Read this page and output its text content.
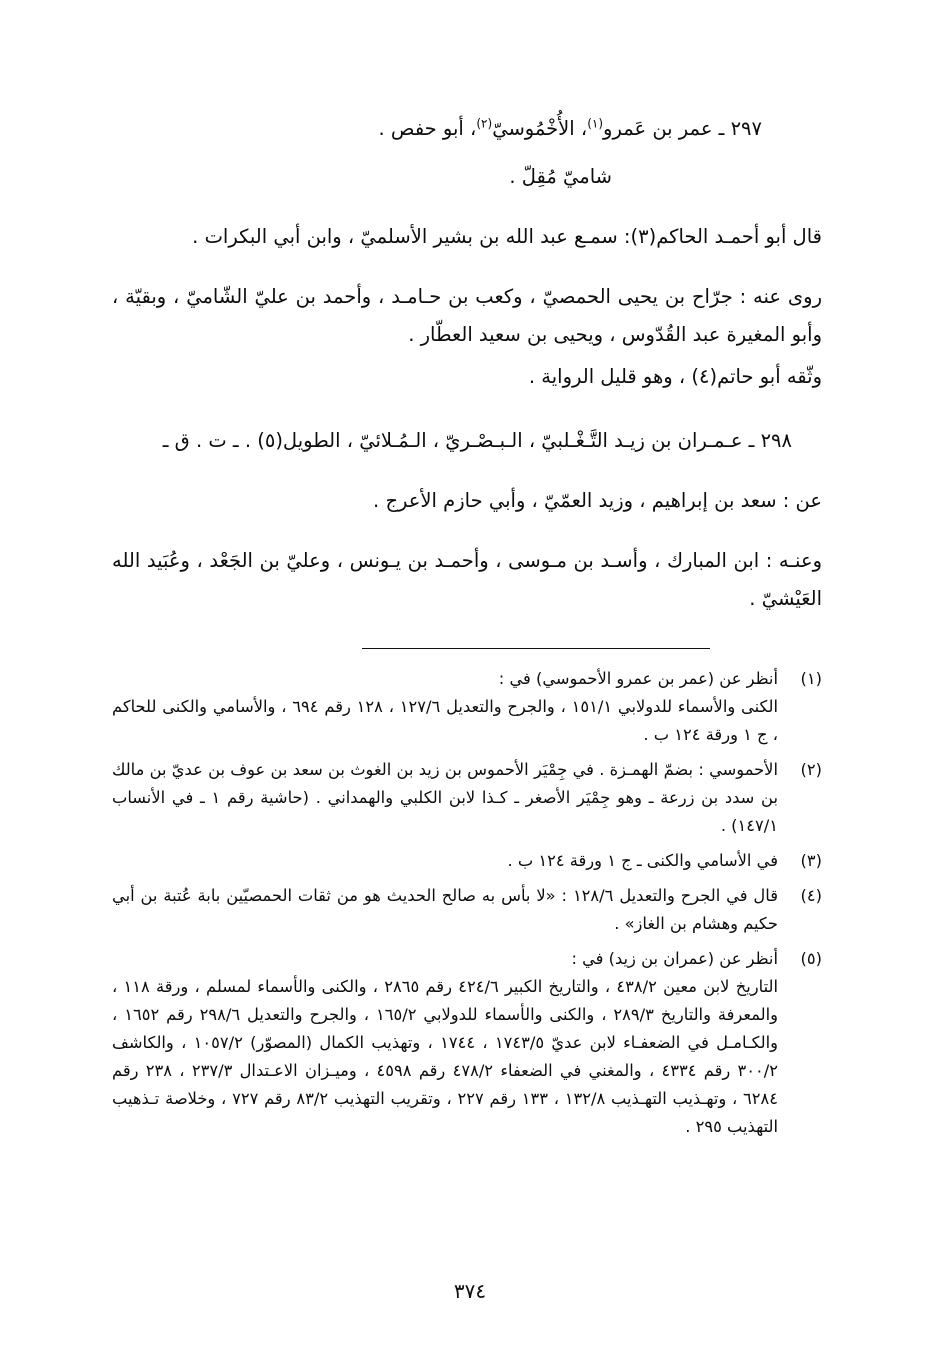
٢٩٧ ـ عمر بن عَمرو$^{(١)}$، الأُخْمُوسيّ$^{(٢)}$، أبو حفص .
شاميّ مُقِلّ .
قال أبو أحمـد الحاكم(٣): سمـع عبد الله بن بشير الأسلميّ ، وابن أبي البكرات .
روى عنه : جرّاح بن يحيى الحمصيّ ، وكعب بن حـامـد ، وأحمد بن عليّ الشّاميّ ، وبقيّة ، وأبو المغيرة عبد القُدّوس ، ويحيى بن سعيد العطّار .
وثّقه أبو حاتم(٤) ، وهو قليل الرواية .
٢٩٨ ـ عـمـران بن زيـد التَّـغْـلبيّ ، الـبـصْـريّ ، الـمُـلائيّ ، الطويل(٥) . ـ ت . ق ـ
عن : سعد بن إبراهيم ، وزيد العمّيّ ، وأبي حازم الأعرج .
وعنـه : ابن المبارك ، وأسـد بن مـوسى ، وأحمـد بن يـونس ، وعليّ بن الجَعْد ، وعُبَيد الله العَيْشيّ .
(١)

أنظر عن (عمر بن عمرو الأحموسي) في :

الكنى والأسماء للدولابي ١٥١/١ ، والجرح والتعديل ١٢٧/٦ ، ١٢٨ رقم ٦٩٤ ، والأسامي والكنى للحاكم ، ج ١ ورقة ١٢٤ ب .

(٢)

الأحموسي : بضمّ الهمـزة . في جِمْيَر الأحموس بن زيد بن الغوث بن سعد بن عوف بن عديّ بن مالك بن سدد بن زرعة ـ وهو جِمْيَر الأصغر ـ كـذا لابن الكلبي والهمداني . (حاشية رقم ١ ـ في الأنساب ١٤٧/١) .

(٣)

في الأسامي والكنى ـ ج ١ ورقة ١٢٤ ب .

(٤)

قال في الجرح والتعديل ١٢٨/٦ : «لا بأس به صالح الحديث هو من ثقات الحمصيّين بابة عُتبة بن أبي حكيم وهشام بن الغاز» .

(٥)

أنظر عن (عمران بن زيد) في :

التاريخ لابن معين ٤٣٨/٢ ، والتاريخ الكبير ٤٢٤/٦ رقم ٢٨٦٥ ، والكنى والأسماء لمسلم ، ورقة ١١٨ ، والمعرفة والتاريخ ٢٨٩/٣ ، والكنى والأسماء للدولابي ١٦٥/٢ ، والجرح والتعديل ٢٩٨/٦ رقم ١٦٥٢ ، والكـامـل في الضعفـاء لابن عديّ ١٧٤٣/٥ ، ١٧٤٤ ، وتهذيب الكمال (المصوّر) ١٠٥٧/٢ ، والكاشف ٣٠٠/٢ رقم ٤٣٣٤ ، والمغني في الضعفاء ٤٧٨/٢ رقم ٤٥٩٨ ، وميـزان الاعـتدال ٢٣٧/٣ ، ٢٣٨ رقم ٦٢٨٤ ، وتهـذيب التهـذيب ١٣٢/٨ ، ١٣٣ رقم ٢٢٧ ، وتقريب التهذيب ٨٣/٢ رقم ٧٢٧ ، وخلاصة تـذهيب التهذيب ٢٩٥ .

٣٧٤
